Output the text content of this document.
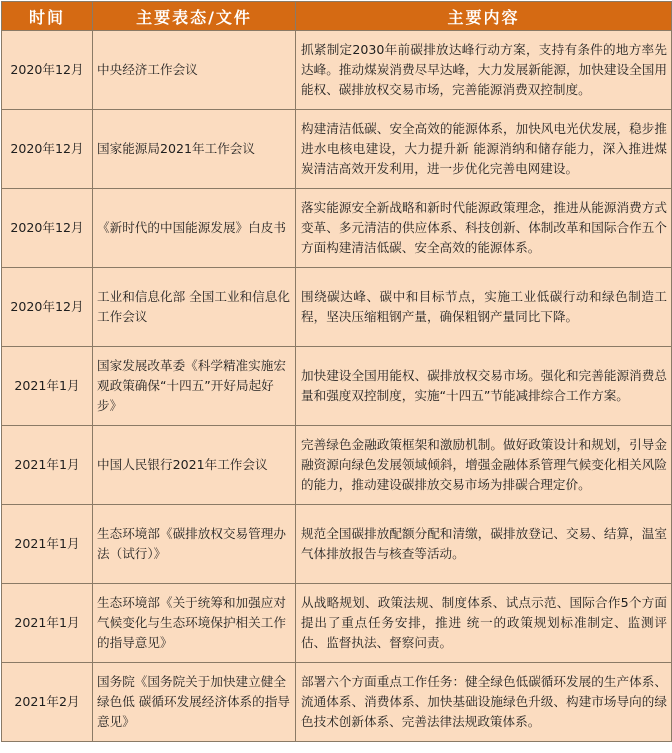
时间	主要表态/文件	主要内容
2020年12月	中央经济工作会议	抓紧制定2030年前碳排放达峰行动方案，支持有条件的地方率先达峰。推动煤炭消费尽早达峰，大力发展新能源，加快建设全国用能权、碳排放权交易市场，完善能源消费双控制度。
2020年12月	国家能源局2021年工作会议	构建清洁低碳、安全高效的能源体系，加快风电光伏发展，稳步推进水电核电建设，大力提升新 能源消纳和储存能力，深入推进煤炭清洁高效开发利用，进一步优化完善电网建设。
2020年12月	《新时代的中国能源发展》白皮书	落实能源安全新战略和新时代能源政策理念，推进从能源消费方式变革、多元清洁的供应体系、科技创新、体制改革和国际合作五个方面构建清洁低碳、安全高效的能源体系。
2020年12月	工业和信息化部 全国工业和信息化工作会议	围绕碳达峰、碳中和目标节点，实施工业低碳行动和绿色制造工程，坚决压缩粗钢产量，确保粗钢产量同比下降。
2021年1月	国家发展改革委《科学精准实施宏观政策确保“十四五”开好局起好步》	加快建设全国用能权、碳排放权交易市场。强化和完善能源消费总量和强度双控制度，实施“十四五”节能减排综合工作方案。
2021年1月	中国人民银行2021年工作会议	完善绿色金融政策框架和激励机制。做好政策设计和规划，引导金融资源向绿色发展领域倾斜，增强金融体系管理气候变化相关风险的能力，推动建设碳排放交易市场为排碳合理定价。
2021年1月	生态环境部《碳排放权交易管理办法（试行）》	规范全国碳排放配额分配和清缴，碳排放登记、交易、结算，温室气体排放报告与核查等活动。
2021年1月	生态环境部《关于统筹和加强应对 气候变化与生态环境保护相关工作 的指导意见》	从战略规划、政策法规、制度体系、试点示范、国际合作5个方面提出了重点任务安排，推进 统一的政策规划标准制定、监测评估、监督执法、督察问责。
2021年2月	国务院《国务院关于加快建立健全绿色低 碳循环发展经济体系的指导意见》	部署六个方面重点工作任务：健全绿色低碳循环发展的生产体系、流通体系、消费体系、加快基础设施绿色升级、构建市场导向的绿色技术创新体系、完善法律法规政策体系。
